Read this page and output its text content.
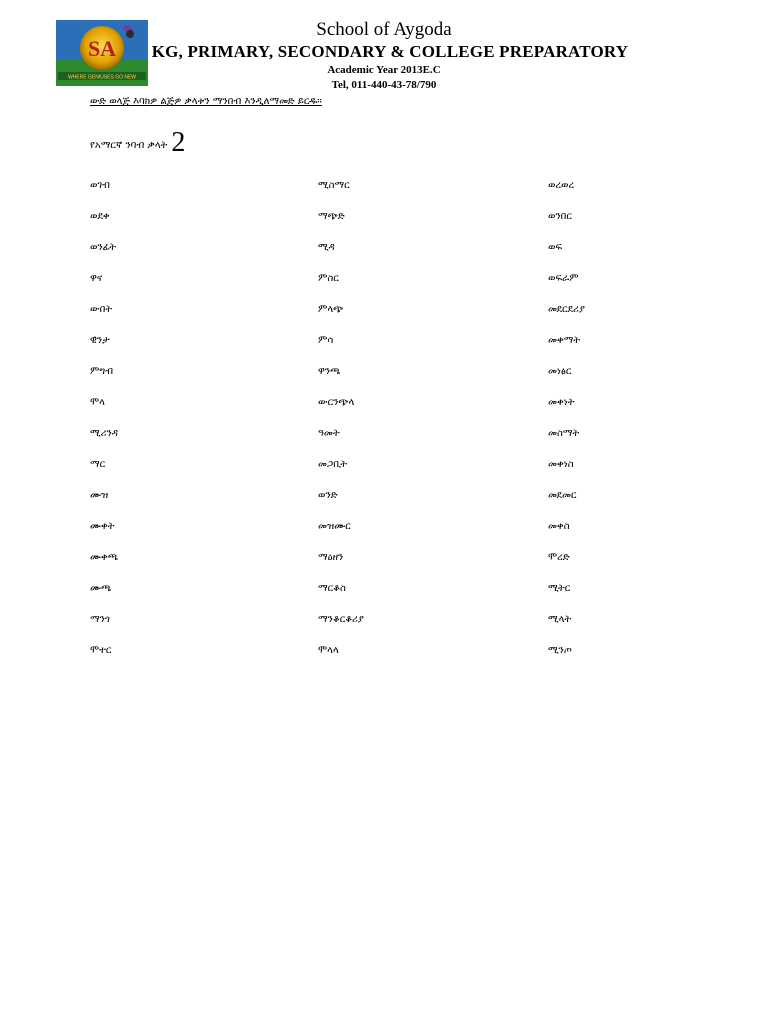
SA
WHERE GENIUSES GO NEW
School of Aygoda
KG, PRIMARY, SECONDARY & COLLEGE PREPARATORY
Academic Year 2013E.C
Tel, 011-440-43-78/790
ውድ ወላጅ እባክዎ ልጅዎ ቃላቱን ማንበብ እንዲለማመድ ይርዱ።
የአማርኛ ንባብ ቃላት 2
ወገብ	ሚስማር	ወረወረ
ወደቀ	ማጭድ	ወንበር
ወንፊት	ሚዳ	ወፍ
ዋና	ምስር	ወፍራም
ውበት	ምላጭ	መደርደሪያ
ዊንታ	ምሳ	መቀማት
ምግብ	ዋንጫ	መነፅር
ሞላ	ውርንጭላ	መቀነት
ሚሪንዳ	ዓመት	መስማት
ማር	መጋቢት	መቀነስ
ሙዝ	ወንድ	መደመር
ሙቀት	መዝሙር	መቀስ
ሙቀጫ	ማዕዘን	ሞረድ
ሙጫ	ማርቆስ	ሚትር
ማንጎ	ማንቆርቆሪያ	ሚላት
ሞተር	ሞላላ	ሚንጦ
